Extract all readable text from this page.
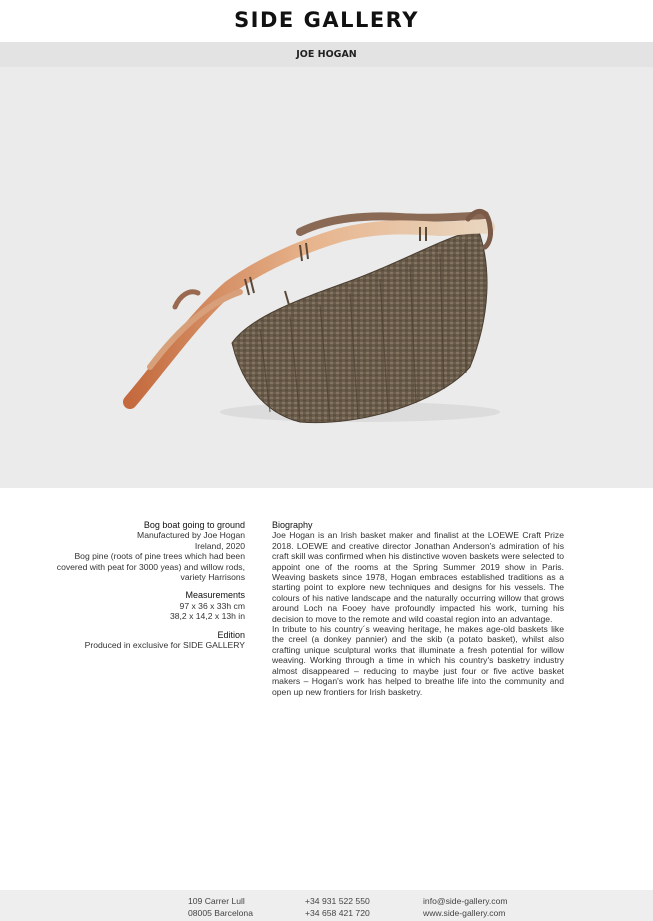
SIDE GALLERY
JOE HOGAN
Bog boat going to ground
Manufactured by Joe Hogan
Ireland, 2020
Bog pine (roots of pine trees which had been covered with peat for 3000 yeas) and willow rods, variety Harrisons
Measurements
97 x 36 x 33h cm
38,2 x 14,2 x 13h in
Edition
Produced in exclusive for SIDE GALLERY
Biography

Joe Hogan is an Irish basket maker and finalist at the LOEWE Craft Prize 2018. LOEWE and creative director Jonathan Anderson's admiration of his craft skill was confirmed when his distinctive woven baskets were selected to appoint one of the rooms at the Spring Summer 2019 show in Paris. Weaving baskets since 1978, Hogan embraces established traditions as a starting point to explore new techniques and designs for his vessels. The colours of his native landscape and the naturally occurring willow that grows around Loch na Fooey have profoundly impacted his work, turning his decision to move to the remote and wild coastal region into an advantage.

In tribute to his country´s weaving heritage, he makes age-old baskets like the creel (a donkey pannier) and the skib (a potato basket), whilst also crafting unique sculptural works that illuminate a fresh potential for willow weaving. Working through a time in which his country's basketry industry almost disappeared – reducing to maybe just four or five active basket makers – Hogan's work has helped to breathe life into the community and open up new frontiers for Irish basketry.

109 Carrer Lull
08005 Barcelona
+34 931 522 550
+34 658 421 720
info@side-gallery.com
www.side-gallery.com
